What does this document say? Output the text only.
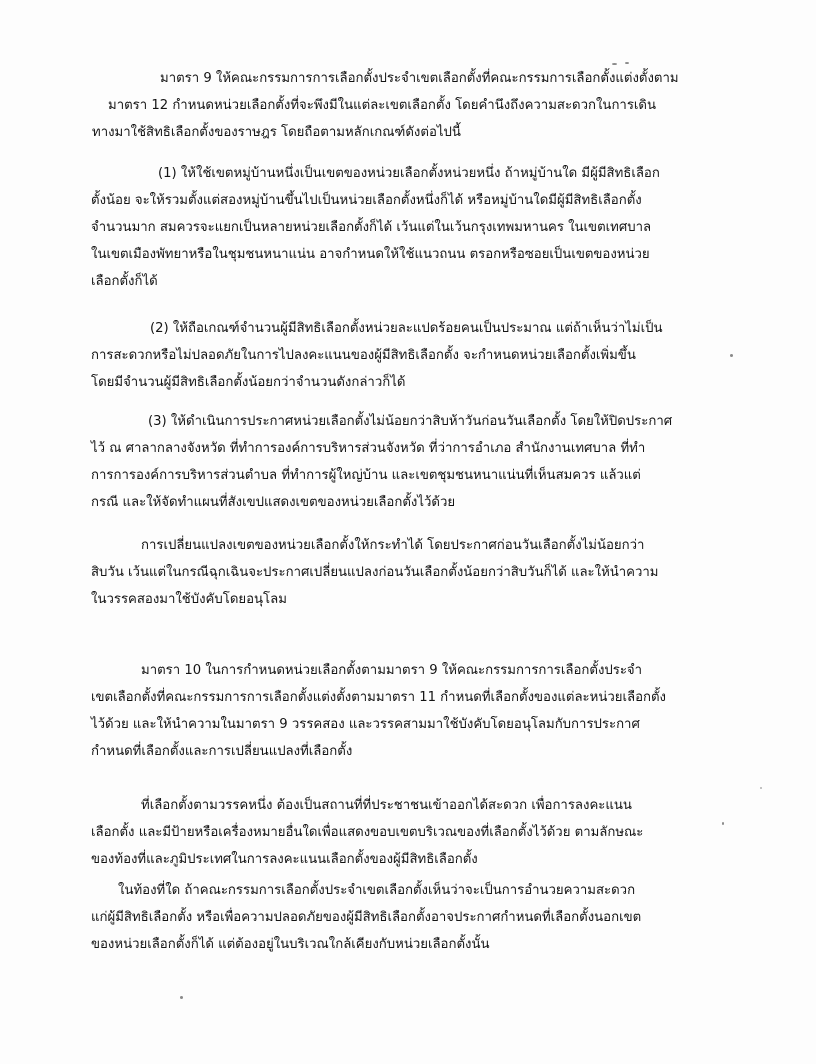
มาตรา 9 ให้คณะกรรมการการเลือกตั้งประจำเขตเลือกตั้งที่คณะกรรมการเลือกตั้งแต่งตั้งตาม
มาตรา 12 กำหนดหน่วยเลือกตั้งที่จะพึงมีในแต่ละเขตเลือกตั้ง โดยคำนึงถึงความสะดวกในการเดิน
ทางมาใช้สิทธิเลือกตั้งของราษฎร โดยถือตามหลักเกณฑ์ดังต่อไปนี้
(1) ให้ใช้เขตหมู่บ้านหนึ่งเป็นเขตของหน่วยเลือกตั้งหน่วยหนึ่ง ถ้าหมู่บ้านใด มีผู้มีสิทธิเลือก
ตั้งน้อย จะให้รวมตั้งแต่สองหมู่บ้านขึ้นไปเป็นหน่วยเลือกตั้งหนึ่งก็ได้ หรือหมู่บ้านใดมีผู้มีสิทธิเลือกตั้ง
จำนวนมาก สมควรจะแยกเป็นหลายหน่วยเลือกตั้งก็ได้ เว้นแต่ในเว้นกรุงเทพมหานคร ในเขตเทศบาล
ในเขตเมืองพัทยาหรือในชุมชนหนาแน่น อาจกำหนดให้ใช้แนวถนน ตรอกหรือซอยเป็นเขตของหน่วย
เลือกตั้งก็ได้
(2) ให้ถือเกณฑ์จำนวนผู้มีสิทธิเลือกตั้งหน่วยละแปดร้อยคนเป็นประมาณ แต่ถ้าเห็นว่าไม่เป็น
การสะดวกหรือไม่ปลอดภัยในการไปลงคะแนนของผู้มีสิทธิเลือกตั้ง จะกำหนดหน่วยเลือกตั้งเพิ่มขึ้น
โดยมีจำนวนผู้มีสิทธิเลือกตั้งน้อยกว่าจำนวนดังกล่าวก็ได้
(3) ให้ดำเนินการประกาศหน่วยเลือกตั้งไม่น้อยกว่าสิบห้าวันก่อนวันเลือกตั้ง โดยให้ปิดประกาศ
ไว้ ณ ศาลากลางจังหวัด ที่ทำการองค์การบริหารส่วนจังหวัด ที่ว่าการอำเภอ สำนักงานเทศบาล ที่ทำ
การการองค์การบริหารส่วนตำบล ที่ทำการผู้ใหญ่บ้าน และเขตชุมชนหนาแน่นที่เห็นสมควร แล้วแต่
กรณี และให้จัดทำแผนที่สังเขปแสดงเขตของหน่วยเลือกตั้งไว้ด้วย
การเปลี่ยนแปลงเขตของหน่วยเลือกตั้งให้กระทำได้ โดยประกาศก่อนวันเลือกตั้งไม่น้อยกว่า
สิบวัน เว้นแต่ในกรณีฉุกเฉินจะประกาศเปลี่ยนแปลงก่อนวันเลือกตั้งน้อยกว่าสิบวันก็ได้ และให้นำความ
ในวรรคสองมาใช้บังคับโดยอนุโลม
มาตรา 10 ในการกำหนดหน่วยเลือกตั้งตามมาตรา 9 ให้คณะกรรมการการเลือกตั้งประจำ
เขตเลือกตั้งที่คณะกรรมการการเลือกตั้งแต่งตั้งตามมาตรา 11 กำหนดที่เลือกตั้งของแต่ละหน่วยเลือกตั้ง
ไว้ด้วย และให้นำความในมาตรา 9 วรรคสอง และวรรคสามมาใช้บังคับโดยอนุโลมกับการประกาศ
กำหนดที่เลือกตั้งและการเปลี่ยนแปลงที่เลือกตั้ง
ที่เลือกตั้งตามวรรคหนึ่ง ต้องเป็นสถานที่ที่ประชาชนเข้าออกได้สะดวก เพื่อการลงคะแนน
เลือกตั้ง และมีป้ายหรือเครื่องหมายอื่นใดเพื่อแสดงขอบเขตบริเวณของที่เลือกตั้งไว้ด้วย ตามลักษณะ
ของท้องที่และภูมิประเทศในการลงคะแนนเลือกตั้งของผู้มีสิทธิเลือกตั้ง
ในท้องที่ใด ถ้าคณะกรรมการเลือกตั้งประจำเขตเลือกตั้งเห็นว่าจะเป็นการอำนวยความสะดวก
แก่ผู้มีสิทธิเลือกตั้ง หรือเพื่อความปลอดภัยของผู้มีสิทธิเลือกตั้งอาจประกาศกำหนดที่เลือกตั้งนอกเขต
ของหน่วยเลือกตั้งก็ได้ แต่ต้องอยู่ในบริเวณใกล้เคียงกับหน่วยเลือกตั้งนั้น
